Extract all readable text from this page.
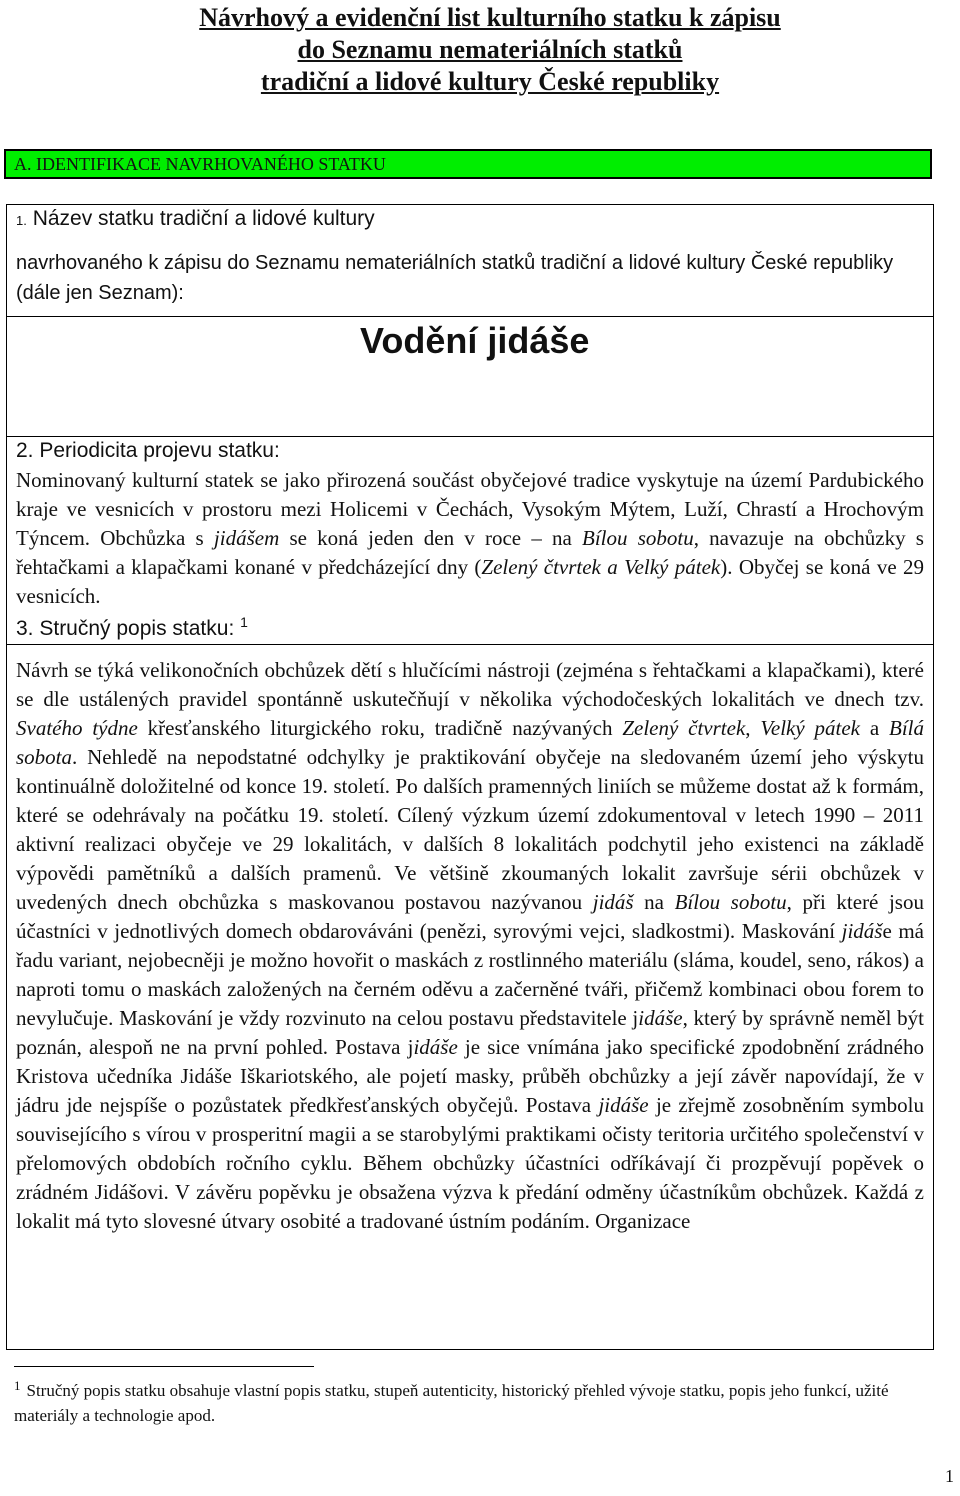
Návrhový a evidenční list kulturního statku k zápisu
do Seznamu nemateriálních statků
tradiční a lidové kultury České republiky
A. IDENTIFIKACE NAVRHOVANÉHO STATKU
1. Název statku tradiční a lidové kultury
navrhovaného k zápisu do Seznamu nemateriálních statků tradiční a lidové kultury České republiky (dále jen Seznam):
Vodění jidáše
2. Periodicita projevu statku:
Nominovaný kulturní statek se jako přirozená součást obyčejové tradice vyskytuje na území Pardubického kraje ve vesnicích v prostoru mezi Holicemi v Čechách, Vysokým Mýtem, Luží, Chrastí a Hrochovým Týncem. Obchůzka s jidášem se koná jeden den v roce – na Bílou sobotu, navazuje na obchůzky s řehtačkami a klapačkami konané v předcházející dny (Zelený čtvrtek a Velký pátek). Obyčej se koná ve 29 vesnicích.
3. Stručný popis statku: $^1$
Návrh se týká velikonočních obchůzek dětí s hlučícími nástroji (zejména s řehtačkami a klapačkami), které se dle ustálených pravidel spontánně uskutečňují v několika východočeských lokalitách ve dnech tzv. Svatého týdne křesťanského liturgického roku, tradičně nazývaných Zelený čtvrtek, Velký pátek a Bílá sobota. Nehledě na nepodstatné odchylky je praktikování obyčeje na sledovaném území jeho výskytu kontinuálně doložitelné od konce 19. století. Po dalších pramenných liniích se můžeme dostat až k formám, které se odehrávaly na počátku 19. století. Cílený výzkum území zdokumentoval v letech 1990 – 2011 aktivní realizaci obyčeje ve 29 lokalitách, v dalších 8 lokalitách podchytil jeho existenci na základě výpovědi pamětníků a dalších pramenů. Ve většině zkoumaných lokalit završuje sérii obchůzek v uvedených dnech obchůzka s maskovanou postavou nazývanou jidáš na Bílou sobotu, při které jsou účastníci v jednotlivých domech obdarováváni (penězi, syrovými vejci, sladkostmi). Maskování jidáše má řadu variant, nejobecněji je možno hovořit o maskách z rostlinného materiálu (sláma, koudel, seno, rákos) a naproti tomu o maskách založených na černém oděvu a začerněné tváři, přičemž kombinaci obou forem to nevylučuje. Maskování je vždy rozvinuto na celou postavu představitele jidáše, který by správně neměl být poznán, alespoň ne na první pohled. Postava jidáše je sice vnímána jako specifické zpodobnění zrádného Kristova učedníka Jidáše Iškariotského, ale pojetí masky, průběh obchůzky a její závěr napovídají, že v jádru jde nejspíše o pozůstatek předkřesťanských obyčejů. Postava jidáše je zřejmě zosobněním symbolu souvisejícího s vírou v prosperitní magii a se starobylými praktikami očisty teritoria určitého společenství v přelomových obdobích ročního cyklu. Během obchůzky účastníci odříkávají či prozpěvují popěvek o zrádném Jidášovi. V závěru popěvku je obsažena výzva k předání odměny účastníkům obchůzek. Každá z lokalit má tyto slovesné útvary osobité a tradované ústním podáním. Organizace
$^1$ Stručný popis statku obsahuje vlastní popis statku, stupeň autenticity, historický přehled vývoje statku, popis jeho funkcí, užité materiály a technologie apod.
1
